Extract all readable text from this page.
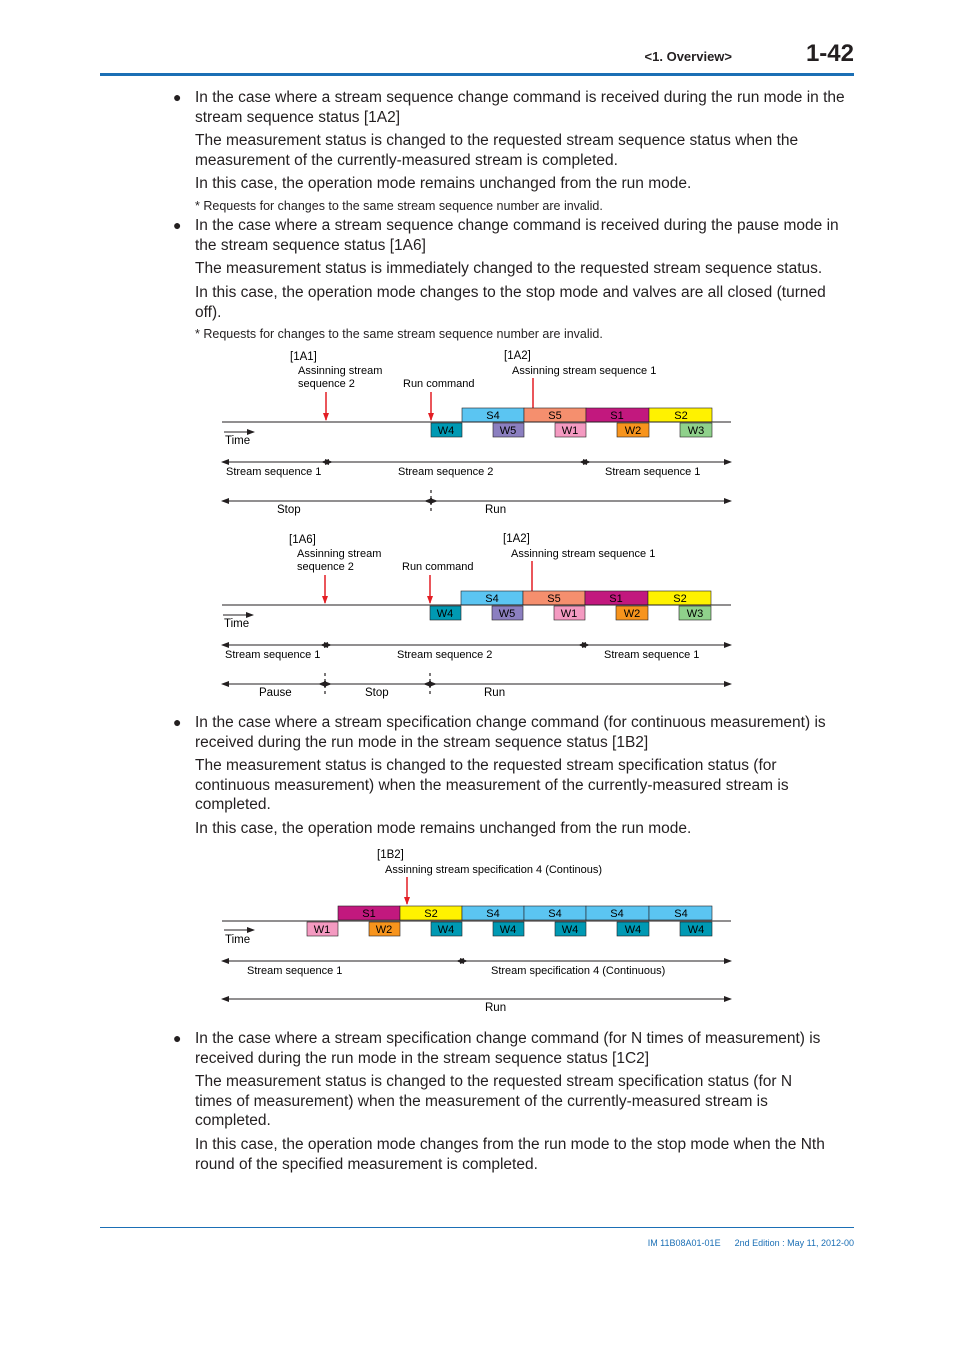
<1. Overview>	1-42
● In the case where a stream sequence change command is received during the run mode in the stream sequence status [1A2]

The measurement status is changed to the requested stream sequence status when the measurement of the currently-measured stream is completed.

In this case, the operation mode remains unchanged from the run mode.

* Requests for changes to the same stream sequence number are invalid.
● In the case where a stream sequence change command is received during the pause mode in the stream sequence status [1A6]

The measurement status is immediately changed to the requested stream sequence status.

In this case, the operation mode changes to the stop mode and valves are all closed (turned off).

* Requests for changes to the same stream sequence number are invalid.
[1A1]
Assinning stream
sequence 2	Run command
[1A2]
Assinning stream sequence 1
S4	S5	S1	S2
W4	W5	W1	W2	W3
Time
Stream sequence 1	Stream sequence 2	Stream sequence 1
Stop	Run
[1A6]
Assinning stream
sequence 2	Run command
[1A2]
Assinning stream sequence 1
S4	S5	S1	S2
W4	W5	W1	W2	W3
Time
Stream sequence 1	Stream sequence 2	Stream sequence 1
Pause	Stop	Run
● In the case where a stream specification change command (for continuous measurement) is received during the run mode in the stream sequence status [1B2]

The measurement status is changed to the requested stream specification status (for continuous measurement) when the measurement of the currently-measured stream is completed.

In this case, the operation mode remains unchanged from the run mode.

[1B2]
Assinning stream specification 4 (Continous)
S1	S2	S4	S4	S4	S4
W1	W2	W4	W4	W4	W4	W4
Time
Stream sequence 1	Stream specification 4 (Continuous)
Run
● In the case where a stream specification change command (for N times of measurement) is received during the run mode in the stream sequence status [1C2]

The measurement status is changed to the requested stream specification status (for N times of measurement) when the measurement of the currently-measured stream is completed.

In this case, the operation mode changes from the run mode to the stop mode when the Nth round of the specified measurement is completed.

IM 11B08A01-01E 2nd Edition : May 11, 2012-00
